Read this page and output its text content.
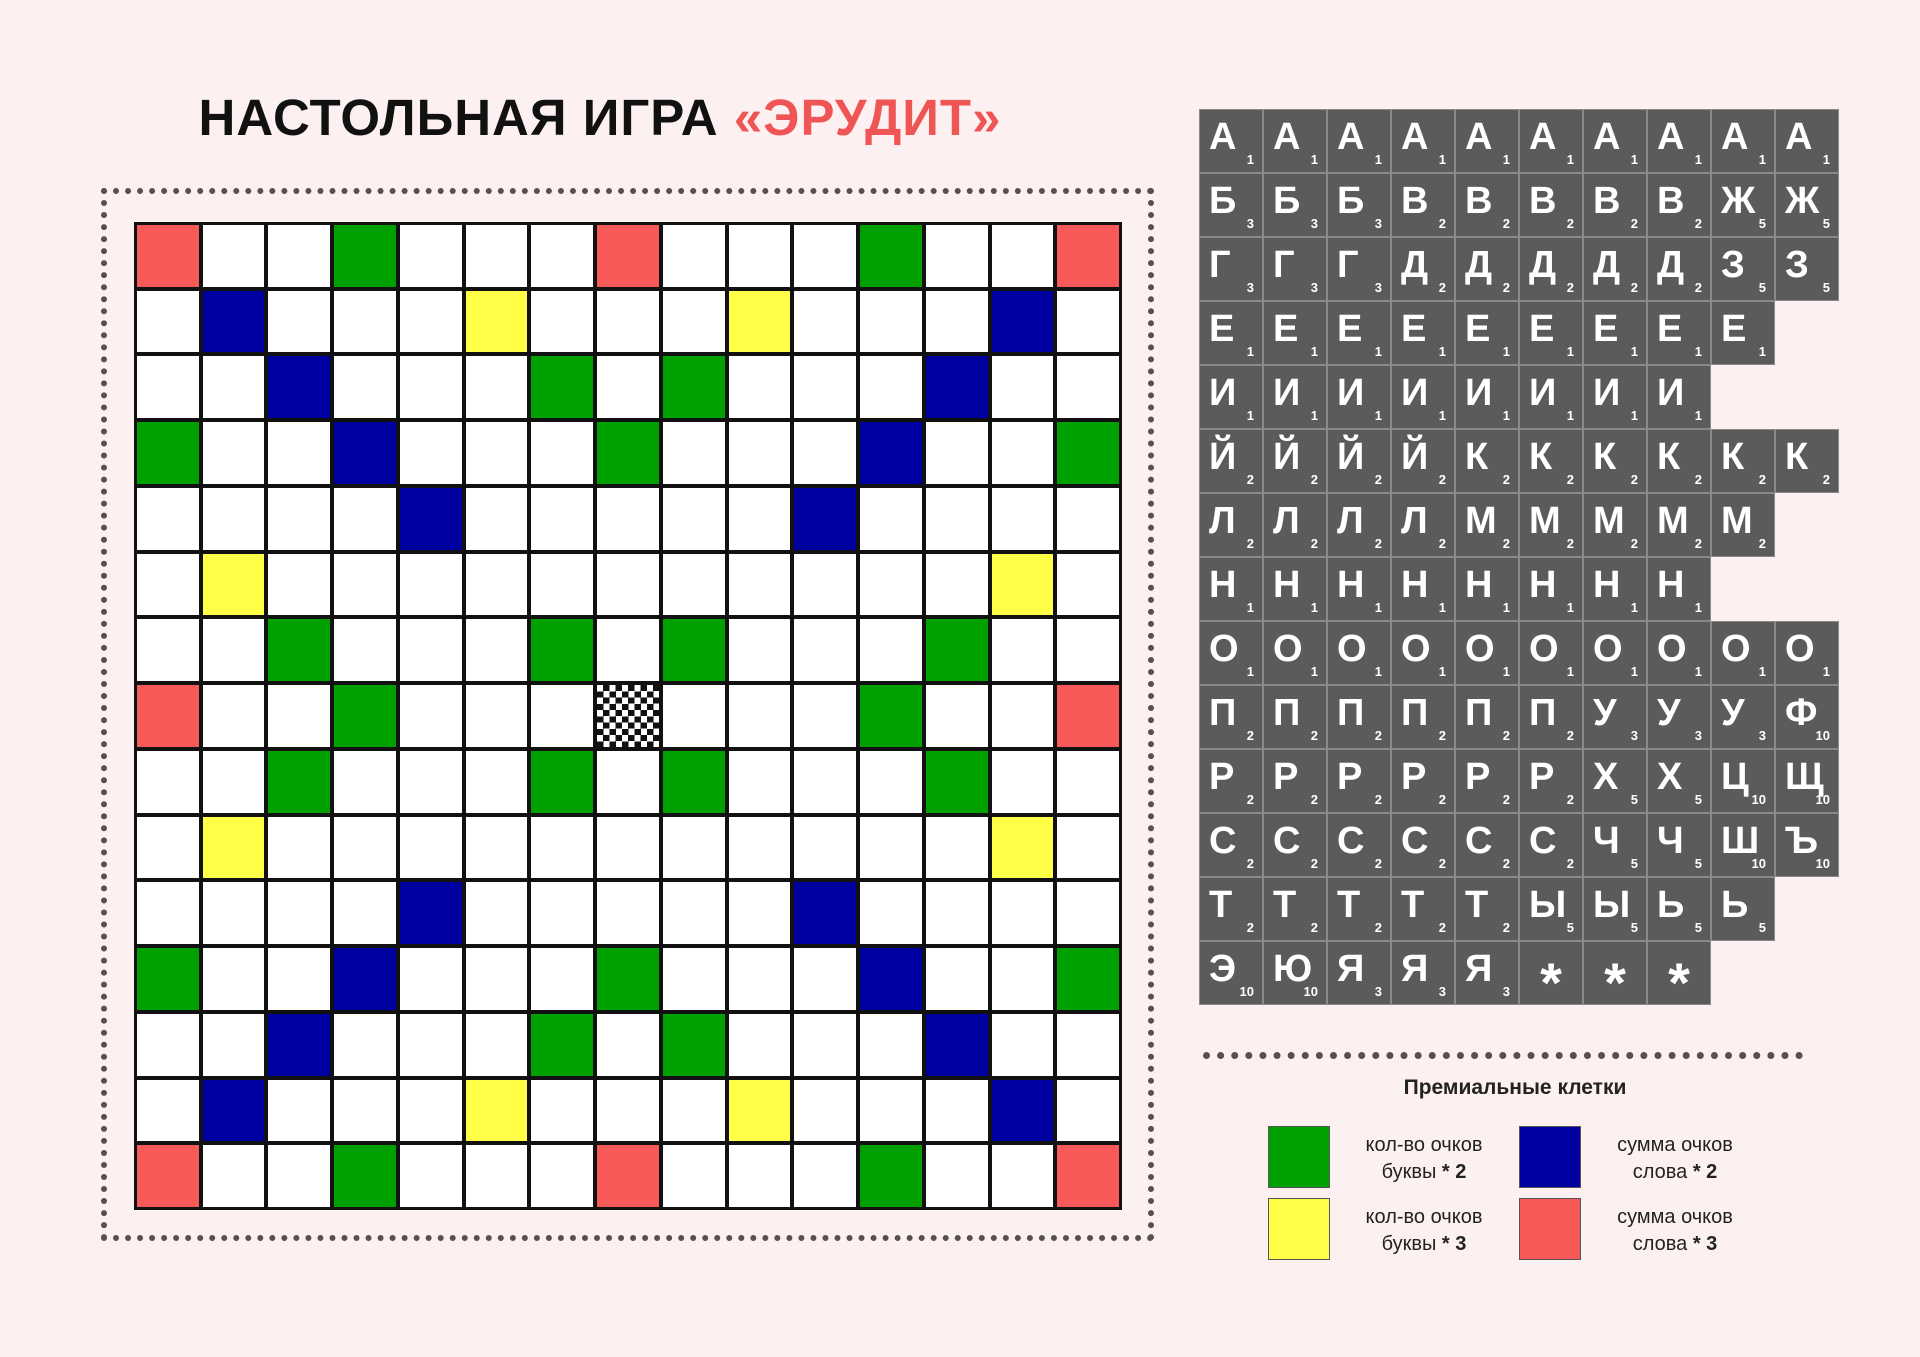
НАСТОЛЬНАЯ ИГРА «ЭРУДИТ»	А
1
А
1
А
1
А
1
А
1
А
1
А
1
А
1
А
1
А
1
Б
3
Б
3
Б
3
В
2
В
2
В
2
В
2
В
2
Ж
5
Ж
5
Г
3
Г
3
Г
3
Д
2
Д
2
Д
2
Д
2
Д
2
З
5
З
5
Е
1
Е
1
Е
1
Е
1
Е
1
Е
1
Е
1
Е
1
Е
1
И
1
И
1
И
1
И
1
И
1
И
1
И
1
И
1
Й
2
Й
2
Й
2
Й
2
К
2
К
2
К
2
К
2
К
2
К
2
Л
2
Л
2
Л
2
Л
2
М
2
М
2
М
2
М
2
М
2
Н
1
Н
1
Н
1
Н
1
Н
1
Н
1
Н
1
Н
1
О
1
О
1
О
1
О
1
О
1
О
1
О
1
О
1
О
1
О
1
П
2
П
2
П
2
П
2
П
2
П
2
У
3
У
3
У
3
Ф
10
Р
2
Р
2
Р
2
Р
2
Р
2
Р
2
Х
5
Х
5
Ц
10
Щ
10
С
2
С
2
С
2
С
2
С
2
С
2
Ч
5
Ч
5
Ш
10
Ъ
10
Т
2
Т
2
Т
2
Т
2
Т
2
Ы
5
Ы
5
Ь
5
Ь
5
Э
10
Ю
10
Я
3
Я
3
Я
3 * * *
Премиальные клетки
кол-во очков
буквы * 2
сумма очков
слова * 2
кол-во очков
буквы * 3
сумма очков
слова * 3
